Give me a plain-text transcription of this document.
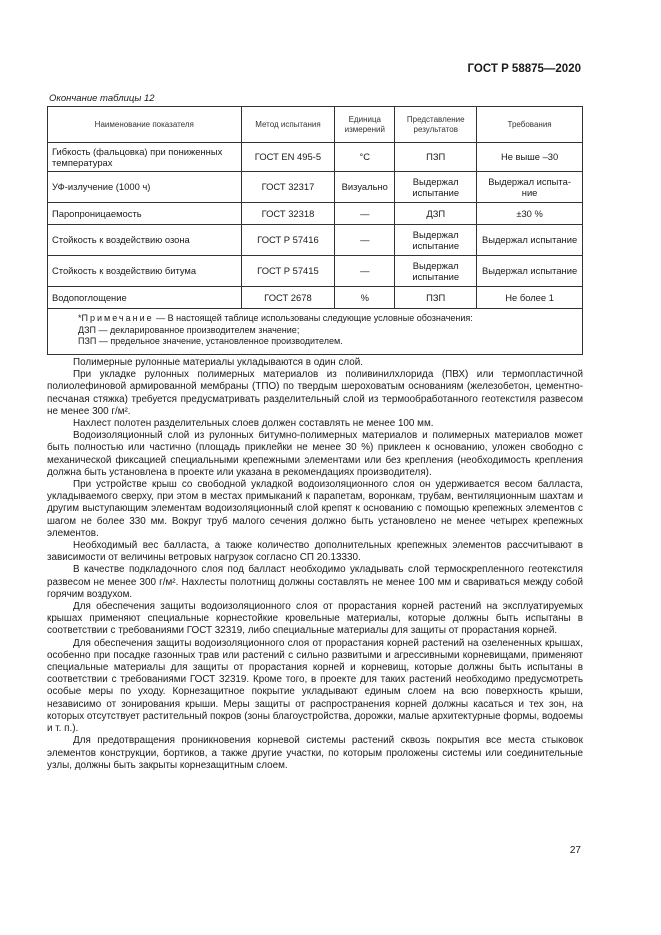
ГОСТ Р 58875—2020
Окончание таблицы 12
Наименование показателя	Метод испытания	Единица измерений	Представление результатов	Требования
Гибкость (фальцовка) при пониженных температурах	ГОСТ EN 495-5	°С	ПЗП	Не выше –30
УФ-излучение (1000 ч)	ГОСТ 32317	Визуально	Выдержал испытание	Выдержал испыта-ние
Паропроницаемость	ГОСТ 32318	—	ДЗП	±30 %
Стойкость к воздействию озона	ГОСТ Р 57416	—	Выдержал испытание	Выдержал испытание
Стойкость к воздействию битума	ГОСТ Р 57415	—	Выдержал испытание	Выдержал испытание
Водопоглощение	ГОСТ 2678	%	ПЗП	Не более 1

*Примечание — В настоящей таблице использованы следующие условные обозначения:
ДЗП — декларированное производителем значение;
ПЗП — предельное значение, установленное производителем.				

Полимерные рулонные материалы укладываются в один слой.

При укладке рулонных полимерных материалов из поливинилхлорида (ПВХ) или термопластичной полиолефиновой армированной мембраны (ТПО) по твердым шероховатым основаниям (железобетон, цементно-песчаная стяжка) требуется предусматривать разделительный слой из термообработанного геотекстиля развесом не менее 300 г/м².

Нахлест полотен разделительных слоев должен составлять не менее 100 мм.

Водоизоляционный слой из рулонных битумно-полимерных материалов и полимерных материалов может быть полностью или частично (площадь приклейки не менее 30 %) приклеен к основанию, уложен свободно с механической фиксацией специальными крепежными элементами или без крепления (необходимость крепления должна быть установлена в проекте или указана в рекомендациях производителя).

При устройстве крыш со свободной укладкой водоизоляционного слоя он удерживается весом балласта, укладываемого сверху, при этом в местах примыканий к парапетам, воронкам, трубам, вентиляционным шахтам и другим выступающим элементам водоизоляционный слой крепят к основанию с помощью крепежных элементов с шагом не более 330 мм. Вокруг труб малого сечения должно быть установлено не менее четырех крепежных элементов.

Необходимый вес балласта, а также количество дополнительных крепежных элементов рассчитывают в зависимости от величины ветровых нагрузок согласно СП 20.13330.

В качестве подкладочного слоя под балласт необходимо укладывать слой термоскрепленного геотекстиля развесом не менее 300 г/м². Нахлесты полотнищ должны составлять не менее 100 мм и свариваться между собой горячим воздухом.

Для обеспечения защиты водоизоляционного слоя от прорастания корней растений на эксплуатируемых крышах применяют специальные корнестойкие кровельные материалы, которые должны быть испытаны в соответствии с требованиями ГОСТ 32319, либо специальные материалы для защиты от прорастания корней.

Для обеспечения защиты водоизоляционного слоя от прорастания корней растений на озелененных крышах, особенно при посадке газонных трав или растений с сильно развитыми и агрессивными корневищами, применяют специальные материалы для защиты от прорастания корней и корневищ, которые должны быть испытаны в соответствии с требованиями ГОСТ 32319. Кроме того, в проекте для таких растений необходимо предусмотреть особые меры по уходу. Корнезащитное покрытие укладывают единым слоем на всю поверхность крыши, независимо от зонирования крыши. Меры защиты от распространения корней должны касаться и тех зон, на которых отсутствует растительный покров (зоны благоустройства, дорожки, малые архитектурные формы, водоемы и т. п.).

Для предотвращения проникновения корневой системы растений сквозь покрытия все места стыковок элементов конструкции, бортиков, а также другие участки, по которым проложены системы или соединительные узлы, должны быть закрыты корнезащитным слоем.

27
